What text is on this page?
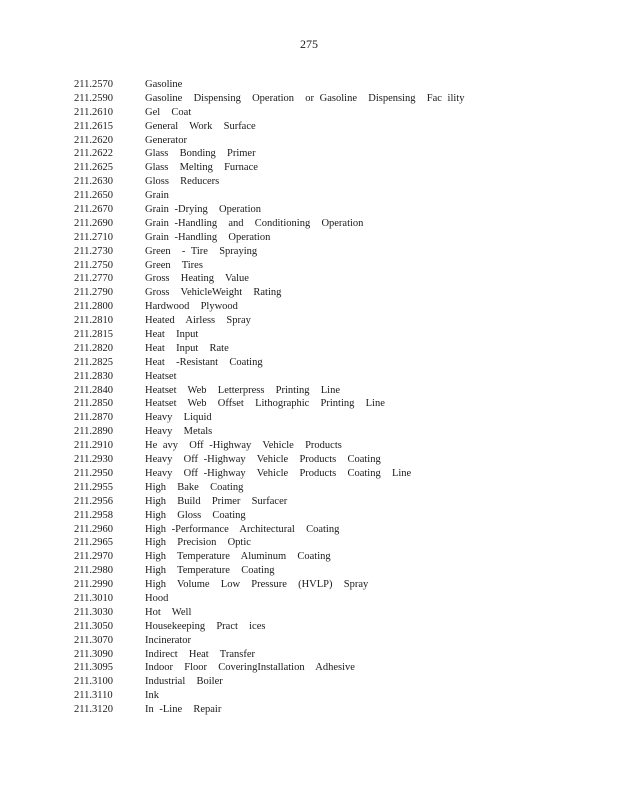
275
211.2570	Gasoline
211.2590	Gasoline  Dispensing  Operation  or Gasoline  Dispensing  Fac ility
211.2610	Gel  Coat
211.2615	General  Work  Surface
211.2620	Generator
211.2622	Glass  Bonding  Primer
211.2625	Glass  Melting  Furnace
211.2630	Gloss  Reducers
211.2650	Grain
211.2670	Grain -Drying  Operation
211.2690	Grain -Handling  and  Conditioning  Operation
211.2710	Grain -Handling  Operation
211.2730	Green  - Tire  Spraying
211.2750	Green  Tires
211.2770	Gross  Heating  Value
211.2790	Gross  VehicleWeight  Rating
211.2800	Hardwood  Plywood
211.2810	Heated  Airless  Spray
211.2815	Heat  Input
211.2820	Heat  Input  Rate
211.2825	Heat  -Resistant  Coating
211.2830	Heatset
211.2840	Heatset  Web  Letterpress  Printing  Line
211.2850	Heatset  Web  Offset  Lithographic  Printing  Line
211.2870	Heavy  Liquid
211.2890	Heavy  Metals
211.2910	He avy  Off -Highway  Vehicle  Products
211.2930	Heavy  Off -Highway  Vehicle  Products  Coating
211.2950	Heavy  Off -Highway  Vehicle  Products  Coating  Line
211.2955	High  Bake  Coating
211.2956	High  Build  Primer  Surfacer
211.2958	High  Gloss  Coating
211.2960	High -Performance  Architectural  Coating
211.2965	High  Precision  Optic
211.2970	High  Temperature  Aluminum  Coating
211.2980	High  Temperature  Coating
211.2990	High  Volume  Low  Pressure  (HVLP)  Spray
211.3010	Hood
211.3030	Hot  Well
211.3050	Housekeeping  Pract  ices
211.3070	Incinerator
211.3090	Indirect  Heat  Transfer
211.3095	Indoor  Floor  CoveringInstallation  Adhesive
211.3100	Industrial  Boiler
211.3110	Ink
211.3120	In -Line  Repair
